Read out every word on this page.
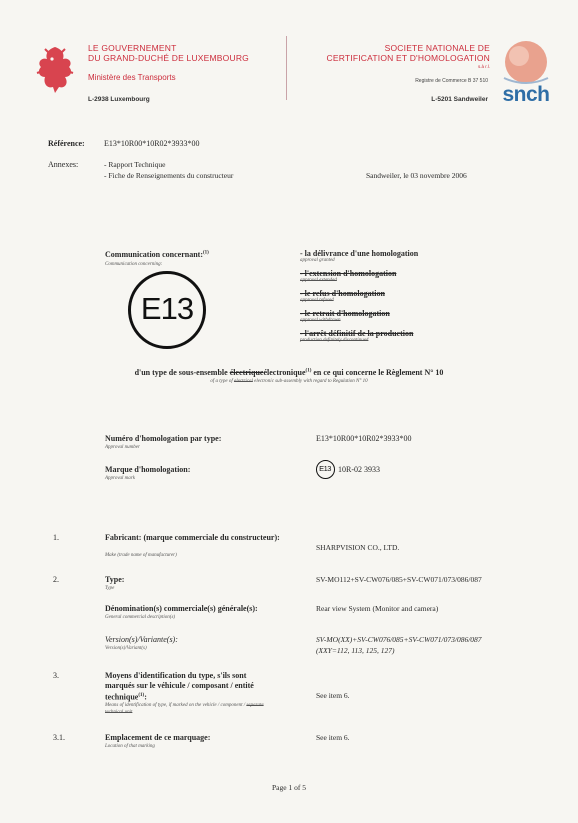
LE GOUVERNEMENT
DU GRAND-DUCHÉ DE LUXEMBOURG
Ministère des Transports
L-2938 Luxembourg
SOCIETE NATIONALE DE
CERTIFICATION ET D'HOMOLOGATION
s.à r.l.
Registre de Commerce B 37 510
L-5201 Sandweiler snch
Référence: E13*10R00*10R02*3933*00
Annexes:	- Rapport Technique
- Fiche de Renseignements du constructeur	Sandweiler, le 03 novembre 2006
Communication concernant:$^{(1)}$
Communication concerning:
E13
- la délivrance d'une homologation
approval granted
- l'extension d'homologation
approval extended
- le refus d'homologation
approval refused
- le retrait d'homologation
approval withdrawn
- l'arrêt définitif de la production
production definitely discontinued
d'un type de sous-ensemble électriqueélectronique$^{(1)}$ en ce qui concerne le Règlement N° 10
of a type of electrical electronic sub-assembly with regard to Regulation N° 10
Numéro d'homologation par type:
Approval number
E13*10R00*10R02*3933*00
Marque d'homologation:
Approval mark
E13 10R-02 3933
1.	Fabricant: (marque commerciale du constructeur):
Make (trade name of manufacturer)
SHARPVISION CO., LTD.
2.	Type:
Type
SV-MO112+SV-CW076/085+SV-CW071/073/086/087
Dénomination(s) commerciale(s) générale(s):
General commercial description(s)
Rear view System (Monitor and camera)
Version(s)/Variante(s):
Version(s)/Variant(s)
SV-MO(XX)+SV-CW076/085+SV-CW071/073/086/087
(XXY=112, 113, 125, 127)
3.	Moyens d'identification du type, s'ils sont marqués sur le véhicule / composant / entité technique$^{(1)}$:
Means of identification of type, if marked on the vehicle / component / separate technical unit
See item 6.
3.1.	Emplacement de ce marquage:
Location of that marking
See item 6.
Page 1 of 5
